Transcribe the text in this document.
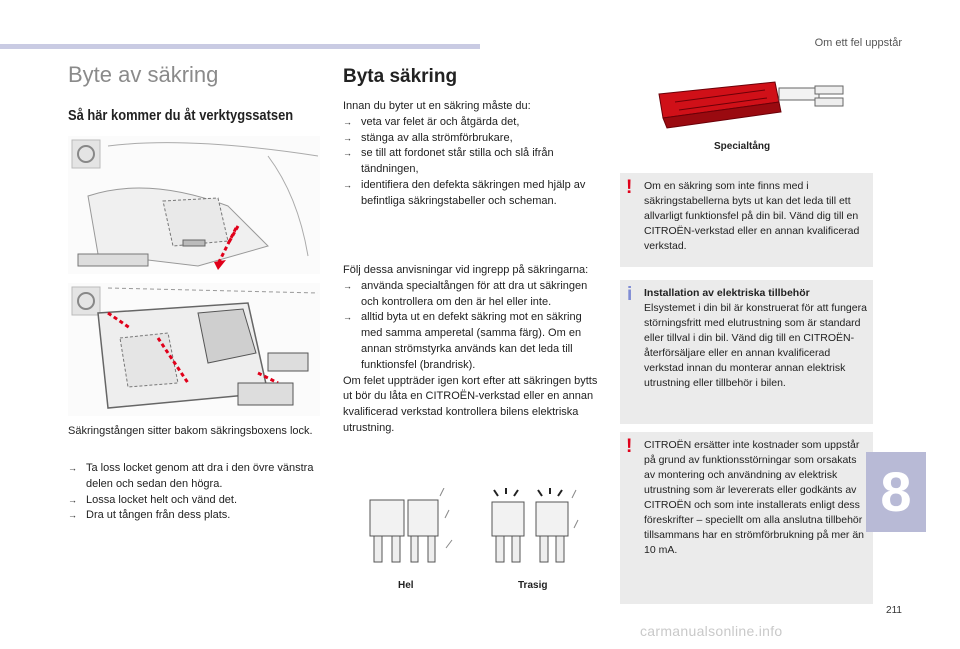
Om ett fel uppstår
Byte av säkring
Så här kommer du åt verktygssatsen
Säkringstången sitter bakom säkringsboxens lock.
→ Ta loss locket genom att dra i den övre vänstra delen och sedan den högra.
→ Lossa locket helt och vänd det.
→ Dra ut tången från dess plats.
Byta säkring
Innan du byter ut en säkring måste du:
→ veta var felet är och åtgärda det,
→ stänga av alla strömförbrukare,
→ se till att fordonet står stilla och slå ifrån tändningen,
→ identifiera den defekta säkringen med hjälp av befintliga säkringstabeller och scheman.
Följ dessa anvisningar vid ingrepp på säkringarna:
→ använda specialtången för att dra ut säkringen och kontrollera om den är hel eller inte.
→ alltid byta ut en defekt säkring mot en säkring med samma amperetal (samma färg). Om en annan strömstyrka används kan det leda till funktionsfel (brandrisk).
Om felet uppträder igen kort efter att säkringen bytts ut bör du låta en CITROËN-verkstad eller en annan kvalificerad verkstad kontrollera bilens elektriska utrustning.
Hel	Trasig
Specialtång
! Om en säkring som inte finns med i säkringstabellerna byts ut kan det leda till ett allvarligt funktionsfel på din bil. Vänd dig till en CITROËN-verkstad eller en annan kvalificerad verkstad.
i Installation av elektriska tillbehör
Elsystemet i din bil är konstruerat för att fungera störningsfritt med elutrustning som är standard eller tillval i din bil. Vänd dig till en CITROËN-återförsäljare eller en annan kvalificerad verkstad innan du monterar annan elektrisk utrustning eller tillbehör i bilen.
! CITROËN ersätter inte kostnader som uppstår på grund av funktionsstörningar som orsakats av montering och användning av elektrisk utrustning som är levererats eller godkänts av CITROËN och som inte installerats enligt dess föreskrifter – speciellt om alla anslutna tillbehör tillsammans har en strömförbrukning på mer än 10 mA.
8
211
carmanualsonline.info
